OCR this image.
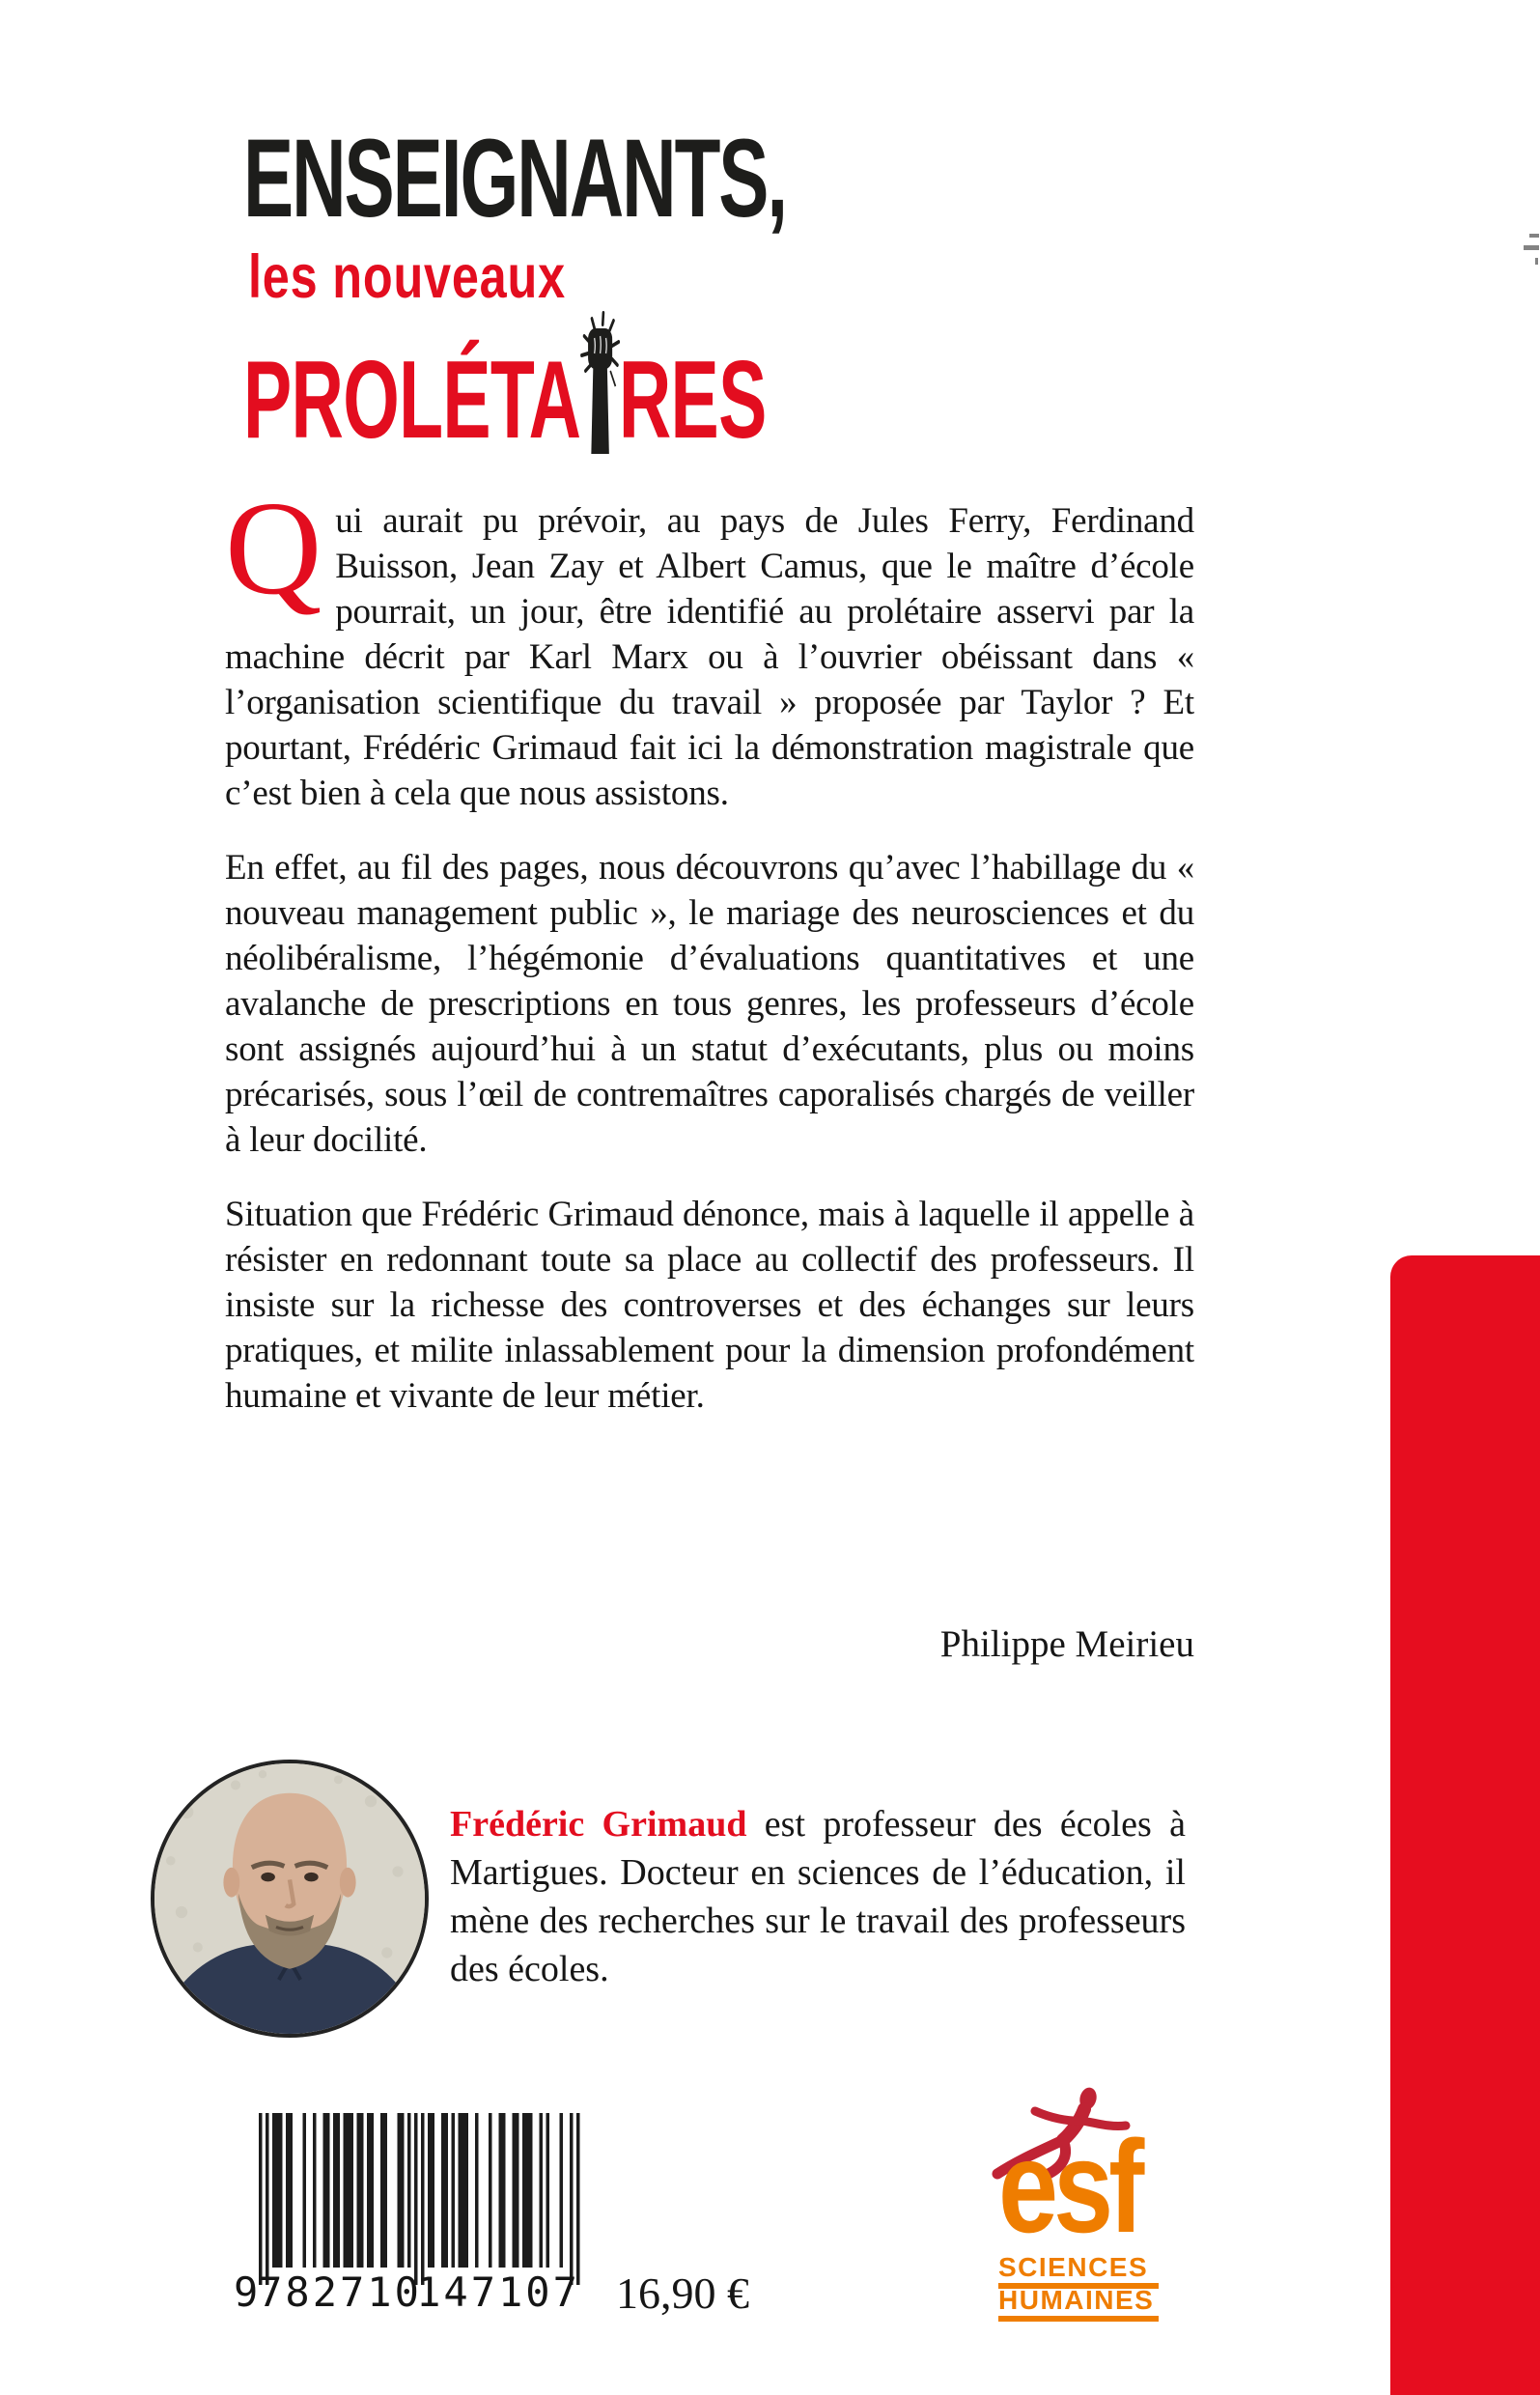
ENSEIGNANTS,
les nouveaux
PROLÉTA RES

Qui aurait pu prévoir, au pays de Jules Ferry, Ferdinand Buisson, Jean Zay et Albert Camus, que le maître d’école pourrait, un jour, être identifié au prolétaire asservi par la machine décrit par Karl Marx ou à l’ouvrier obéissant dans « l’organisation scientifique du travail » proposée par Taylor ? Et pourtant, Frédéric Grimaud fait ici la démonstration magistrale que c’est bien à cela que nous assistons.

En effet, au fil des pages, nous découvrons qu’avec l’habillage du « nouveau management public », le mariage des neurosciences et du néolibéralisme, l’hégémonie d’évaluations quantitatives et une avalanche de prescriptions en tous genres, les professeurs d’école sont assignés aujourd’hui à un statut d’exécutants, plus ou moins précarisés, sous l’œil de contremaîtres caporalisés chargés de veiller à leur docilité.

Situation que Frédéric Grimaud dénonce, mais à laquelle il appelle à résister en redonnant toute sa place au collectif des professeurs. Il insiste sur la richesse des controverses et des échanges sur leurs pratiques, et milite inlassablement pour la dimension profondément humaine et vivante de leur métier.

Philippe Meirieu
Frédéric Grimaud est professeur des écoles à Martigues. Docteur en sciences de l’éducation, il mène des recherches sur le travail des professeurs des écoles.
9
782710
147107 16,90 €
esf
SCIENCES
HUMAINES
